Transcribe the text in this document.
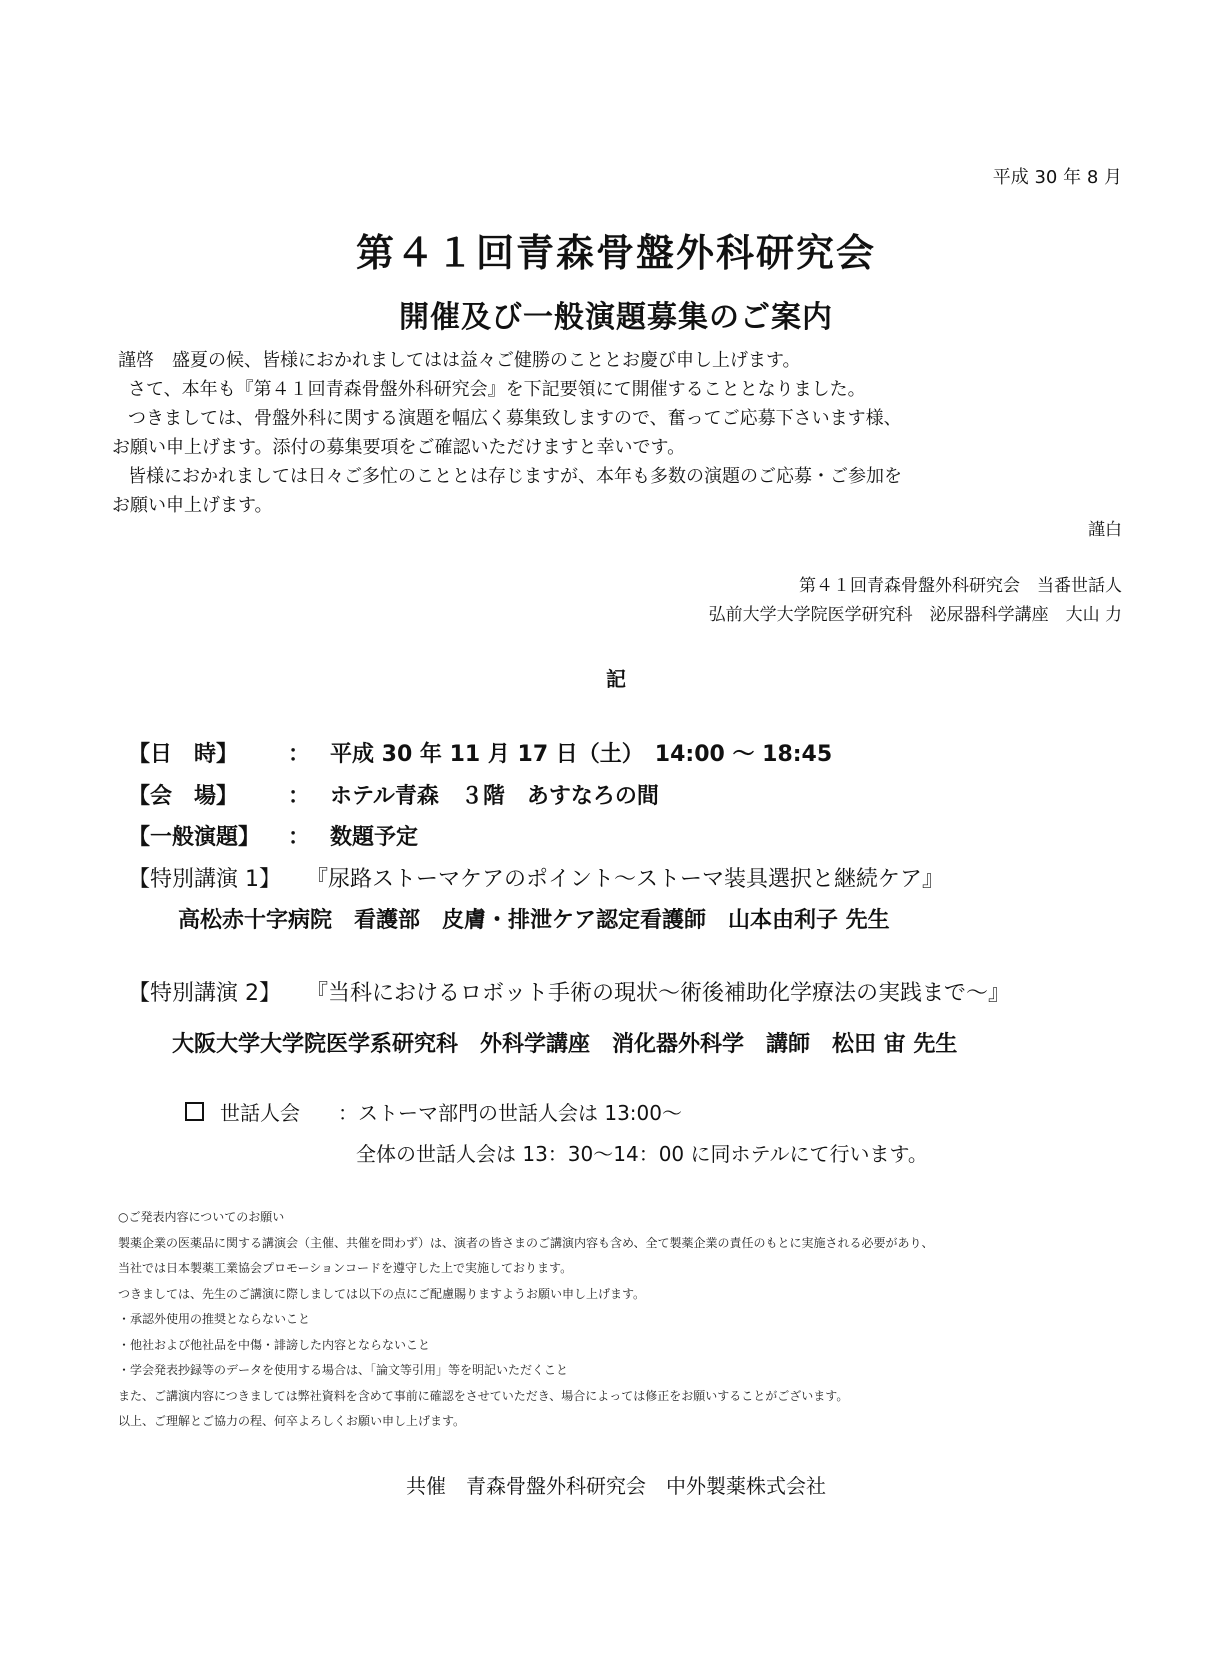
平成 30 年 8 月
第４１回青森骨盤外科研究会
開催及び一般演題募集のご案内
謹啓　盛夏の候、皆様におかれましてはは益々ご健勝のこととお慶び申し上げます。
さて、本年も『第４１回青森骨盤外科研究会』を下記要領にて開催することとなりました。
つきましては、骨盤外科に関する演題を幅広く募集致しますので、奮ってご応募下さいます様、
お願い申上げます。添付の募集要項をご確認いただけますと幸いです。
皆様におかれましては日々ご多忙のこととは存じますが、本年も多数の演題のご応募・ご参加を
お願い申上げます。
謹白
第４１回青森骨盤外科研究会　当番世話人
弘前大学大学院医学研究科　泌尿器科学講座　大山 力
記
【日　時】 ： 平成 30 年 11 月 17 日（土）　14:00 ～ 18:45
【会　場】 ： ホテル青森　３階　あすなろの間
【一般演題】 ： 数題予定
【特別講演 1】 『尿路ストーマケアのポイント～ストーマ装具選択と継続ケア』
高松赤十字病院　看護部　皮膚・排泄ケア認定看護師　山本由利子 先生
【特別講演 2】 『当科におけるロボット手術の現状～術後補助化学療法の実践まで～』
大阪大学大学院医学系研究科　外科学講座　消化器外科学　講師　松田 宙 先生
世話人会 ：ストーマ部門の世話人会は 13:00～
全体の世話人会は 13：30～14：00 に同ホテルにて行います。
○ご発表内容についてのお願い
製薬企業の医薬品に関する講演会（主催、共催を問わず）は、演者の皆さまのご講演内容も含め、全て製薬企業の責任のもとに実施される必要があり、
当社では日本製薬工業協会プロモーションコードを遵守した上で実施しております。
つきましては、先生のご講演に際しましては以下の点にご配慮賜りますようお願い申し上げます。
・承認外使用の推奨とならないこと
・他社および他社品を中傷・誹謗した内容とならないこと
・学会発表抄録等のデータを使用する場合は、「論文等引用」等を明記いただくこと
また、ご講演内容につきましては弊社資料を含めて事前に確認をさせていただき、場合によっては修正をお願いすることがございます。
以上、ご理解とご協力の程、何卒よろしくお願い申し上げます。
共催　青森骨盤外科研究会　中外製薬株式会社
